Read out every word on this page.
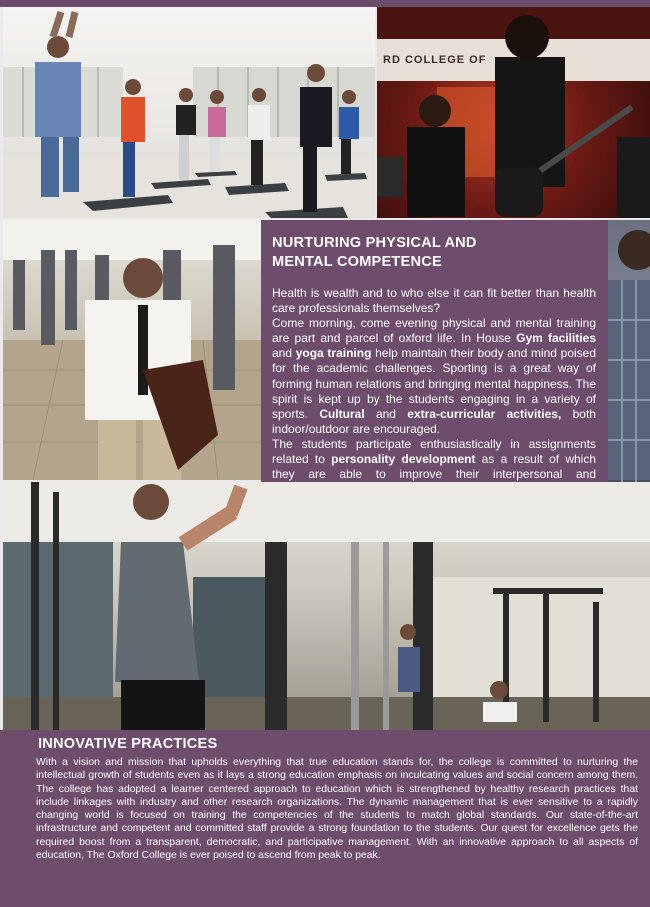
RD COLLEGE OF
NURTURING PHYSICAL AND
MENTAL COMPETENCE

Health is wealth and to who else it can fit better than health care professionals themselves?

Come morning, come evening physical and mental training are part and parcel of oxford life. In House Gym facilities and yoga training help maintain their body and mind poised for the academic challenges. Sporting is a great way of forming human relations and bringing mental happiness. The spirit is kept up by the students engaging in a variety of sports. Cultural and extra-curricular activities, both indoor/outdoor are encouraged.

The students participate enthusiastically in assignments related to personality development as a result of which they are able to improve their interpersonal and

INNOVATIVE PRACTICES

With a vision and mission that upholds everything that true education stands for, the college is committed to nurturing the intellectual growth of students even as it lays a strong education emphasis on inculcating values and social concern among them. The college has adopted a learner centered approach to education which is strengthened by healthy research practices that include linkages with industry and other research organizations. The dynamic management that is ever sensitive to a rapidly changing world is focused on training the competencies of the students to match global standards. Our state-of-the-art infrastructure and competent and committed staff provide a strong foundation to the students. Our quest for excellence gets the required boost from a transparent, democratic, and participative management. With an innovative approach to all aspects of education, The Oxford College is ever poised to ascend from peak to peak.
